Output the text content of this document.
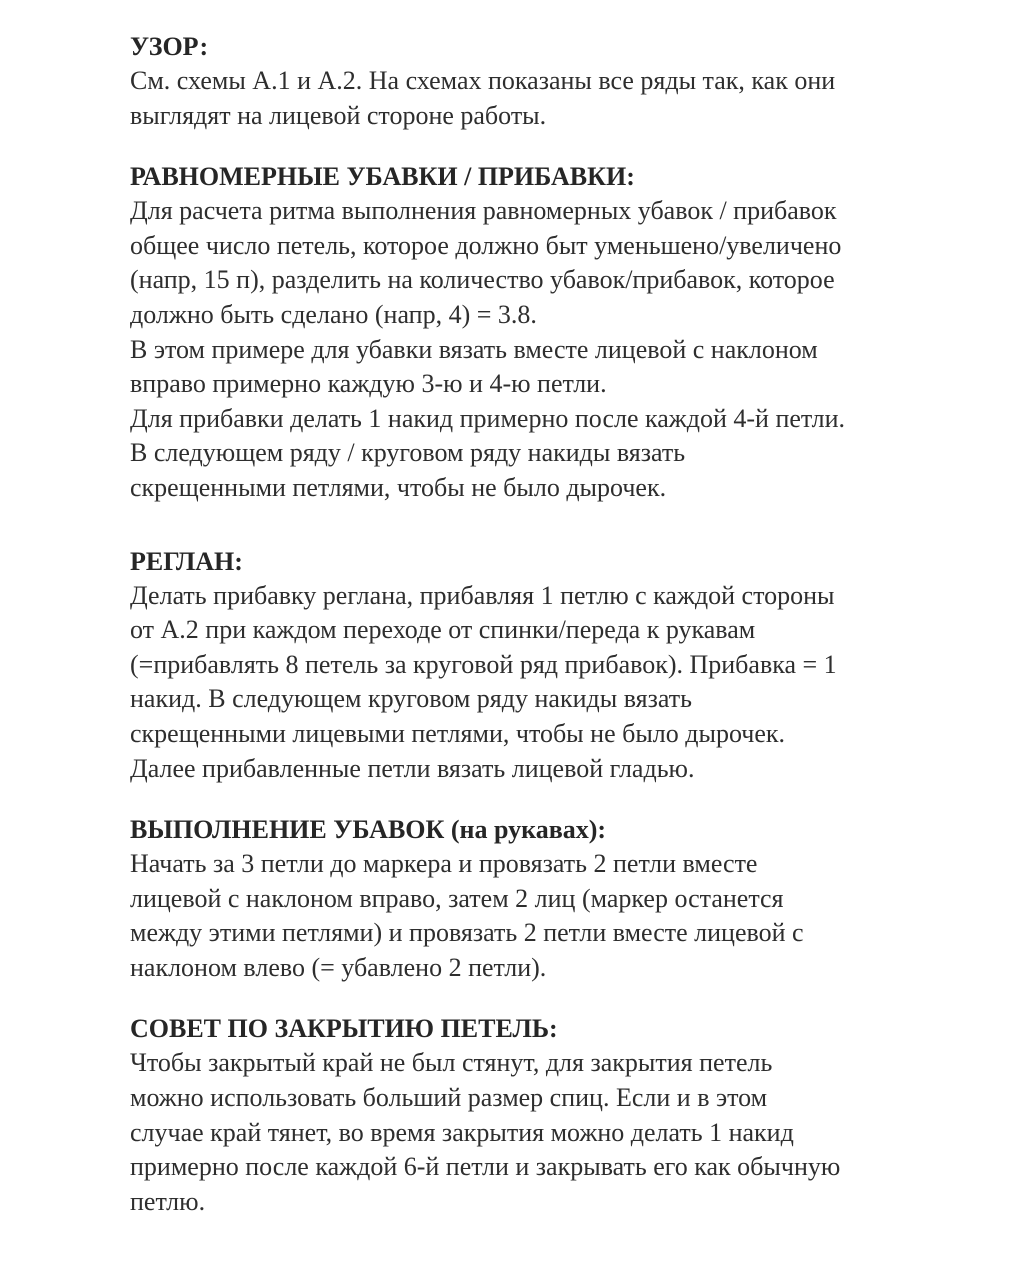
УЗОР:
См. схемы А.1 и А.2. На схемах показаны все ряды так, как они
выглядят на лицевой стороне работы.
РАВНОМЕРНЫЕ УБАВКИ / ПРИБАВКИ:
Для расчета ритма выполнения равномерных убавок / прибавок
общее число петель, которое должно быт уменьшено/увеличено
(напр, 15 п), разделить на количество убавок/прибавок, которое
должно быть сделано (напр, 4) = 3.8.
В этом примере для убавки вязать вместе лицевой с наклоном
вправо примерно каждую 3-ю и 4-ю петли.
Для прибавки делать 1 накид примерно после каждой 4-й петли.
В следующем ряду / круговом ряду накиды вязать
скрещенными петлями, чтобы не было дырочек.
РЕГЛАН:
Делать прибавку реглана, прибавляя 1 петлю с каждой стороны
от А.2 при каждом переходе от спинки/переда к рукавам
(=прибавлять 8 петель за круговой ряд прибавок). Прибавка = 1
накид. В следующем круговом ряду накиды вязать
скрещенными лицевыми петлями, чтобы не было дырочек.
Далее прибавленные петли вязать лицевой гладью.
ВЫПОЛНЕНИЕ УБАВОК (на рукавах):
Начать за 3 петли до маркера и провязать 2 петли вместе
лицевой с наклоном вправо, затем 2 лиц (маркер останется
между этими петлями) и провязать 2 петли вместе лицевой с
наклоном влево (= убавлено 2 петли).
СОВЕТ ПО ЗАКРЫТИЮ ПЕТЕЛЬ:
Чтобы закрытый край не был стянут, для закрытия петель
можно использовать больший размер спиц. Если и в этом
случае край тянет, во время закрытия можно делать 1 накид
примерно после каждой 6-й петли и закрывать его как обычную
петлю.
